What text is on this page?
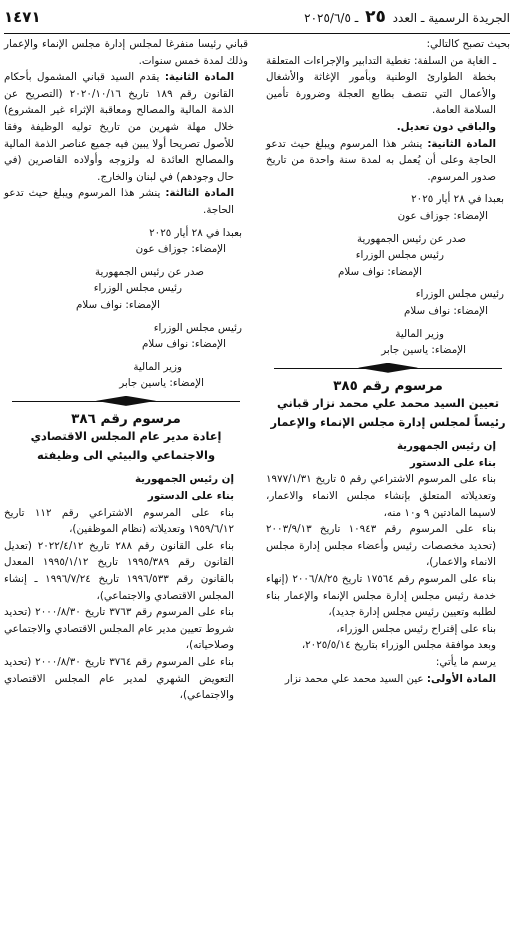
الجريدة الرسمية ـ العدد ٢٥ ـ ٢٠٢٥/٦/٥
١٤٧١

بحيث تصبح كالتالي:

ـ الغاية من السلفة: تغطية التدابير والإجراءات المتعلقة بخطة الطوارئ الوطنية وبأمور الإغاثة والأشغال والأعمال التي تتصف بطابع العجلة وضرورة تأمين السلامة العامة.

والباقي دون تعديل.

المادة الثانية: ينشر هذا المرسوم ويبلغ حيث تدعو الحاجة وعلى أن يُعمل به لمدة سنة واحدة من تاريخ صدور المرسوم.

بعبدا في ٢٨ أيار ٢٠٢٥

الإمضاء: جوزاف عون

صدر عن رئيس الجمهورية

رئيس مجلس الوزراء

الإمضاء: نواف سلام

رئيس مجلس الوزراء

الإمضاء: نواف سلام

وزير المالية

الإمضاء: ياسين جابر

مرسوم رقم ٣٨٥

تعيين السيد محمد علي محمد نزار قباني رئيساً لمجلس إدارة مجلس الإنماء والإعمار

إن رئيس الجمهورية

بناء على الدستور

بناء على المرسوم الاشتراعي رقم ٥ تاريخ ١٩٧٧/١/٣١ وتعديلاته المتعلق بإنشاء مجلس الانماء والاعمار، لاسيما المادتين ٩ و١٠ منه،

بناء على المرسوم رقم ١٠٩٤٣ تاريخ ٢٠٠٣/٩/١٣ (تحديد مخصصات رئيس وأعضاء مجلس إدارة مجلس الانماء والاعمار)،

بناء على المرسوم رقم ١٧٥٦٤ تاريخ ٢٠٠٦/٨/٢٥ (إنهاء خدمة رئيس مجلس إدارة مجلس الإنماء والإعمار بناء لطلبه وتعيين رئيس مجلس إدارة جديد)،

بناء على إقتراح رئيس مجلس الوزراء،

وبعد موافقة مجلس الوزراء بتاريخ ٢٠٢٥/٥/١٤،

يرسم ما يأتي:

المادة الأولى: عين السيد محمد علي محمد نزار

قباني رئيسا منفرغا لمجلس إدارة مجلس الإنماء والإعمار وذلك لمدة خمس سنوات.

المادة الثانية: يقدم السيد قباني المشمول بأحكام القانون رقم ١٨٩ تاريخ ٢٠٢٠/١٠/١٦ (التصريح عن الذمة المالية والمصالح ومعاقبة الإثراء غير المشروع) خلال مهلة شهرين من تاريخ توليه الوظيفة وفقا للأصول تصريحا أولا يبين فيه جميع عناصر الذمة المالية والمصالح العائدة له ولزوجه وأولاده القاصرين (في حال وجودهم) في لبنان والخارج.

المادة الثالثة: ينشر هذا المرسوم ويبلغ حيث تدعو الحاجة.

بعبدا في ٢٨ أيار ٢٠٢٥

الإمضاء: جوزاف عون

صدر عن رئيس الجمهورية

رئيس مجلس الوزراء

الإمضاء: نواف سلام

رئيس مجلس الوزراء

الإمضاء: نواف سلام

وزير المالية

الإمضاء: ياسين جابر

مرسوم رقم ٣٨٦

إعادة مدير عام المجلس الاقتصادي والاجتماعي والبيئي الى وظيفته

إن رئيس الجمهورية

بناء على الدستور

بناء على المرسوم الاشتراعي رقم ١١٢ تاريخ ١٩٥٩/٦/١٢ وتعديلاته (نظام الموظفين)،

بناء على القانون رقم ٢٨٨ تاريخ ٢٠٢٢/٤/١٢ (تعديل القانون رقم ١٩٩٥/٣٨٩ تاريخ ١٩٩٥/١/١٢ المعدل بالقانون رقم ١٩٩٦/٥٣٣ تاريخ ١٩٩٦/٧/٢٤ ـ إنشاء المجلس الاقتصادي والاجتماعي)،

بناء على المرسوم رقم ٣٧٦٣ تاريخ ٢٠٠٠/٨/٣٠ (تحديد شروط تعيين مدير عام المجلس الاقتصادي والاجتماعي وصلاحياته)،

بناء على المرسوم رقم ٣٧٦٤ تاريخ ٢٠٠٠/٨/٣٠ (تحديد التعويض الشهري لمدير عام المجلس الاقتصادي والاجتماعي)،
